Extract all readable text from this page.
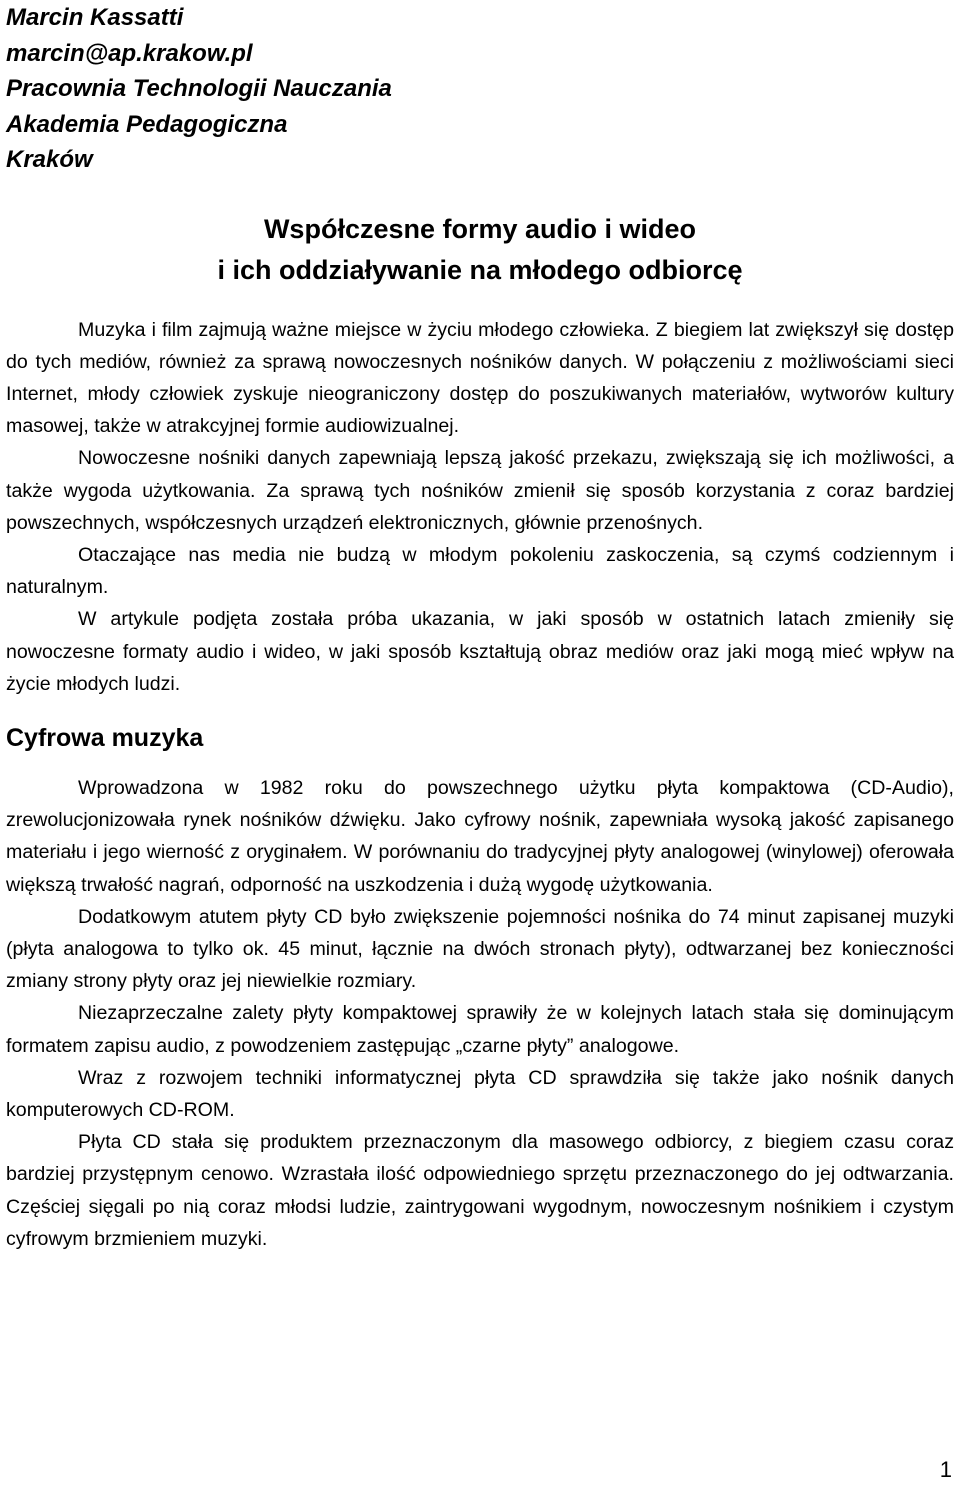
Marcin Kassatti
marcin@ap.krakow.pl
Pracownia Technologii Nauczania
Akademia Pedagogiczna
Kraków
Współczesne formy audio i wideo
i ich oddziaływanie na młodego odbiorcę

Muzyka i film zajmują ważne miejsce w życiu młodego człowieka. Z biegiem lat zwiększył się dostęp do tych mediów, również za sprawą nowoczesnych nośników danych. W połączeniu z możliwościami sieci Internet, młody człowiek zyskuje nieograniczony dostęp do poszukiwanych materiałów, wytworów kultury masowej, także w atrakcyjnej formie audiowizualnej.

Nowoczesne nośniki danych zapewniają lepszą jakość przekazu, zwiększają się ich możliwości, a także wygoda użytkowania. Za sprawą tych nośników zmienił się sposób korzystania z coraz bardziej powszechnych, współczesnych urządzeń elektronicznych, głównie przenośnych.

Otaczające nas media nie budzą w młodym pokoleniu zaskoczenia, są czymś codziennym i naturalnym.

W artykule podjęta została próba ukazania, w jaki sposób w ostatnich latach zmieniły się nowoczesne formaty audio i wideo, w jaki sposób kształtują obraz mediów oraz jaki mogą mieć wpływ na życie młodych ludzi.

Cyfrowa muzyka

Wprowadzona w 1982 roku do powszechnego użytku płyta kompaktowa (CD-Audio), zrewolucjonizowała rynek nośników dźwięku. Jako cyfrowy nośnik, zapewniała wysoką jakość zapisanego materiału i jego wierność z oryginałem. W porównaniu do tradycyjnej płyty analogowej (winylowej) oferowała większą trwałość nagrań, odporność na uszkodzenia i dużą wygodę użytkowania.

Dodatkowym atutem płyty CD było zwiększenie pojemności nośnika do 74 minut zapisanej muzyki (płyta analogowa to tylko ok. 45 minut, łącznie na dwóch stronach płyty), odtwarzanej bez konieczności zmiany strony płyty oraz jej niewielkie rozmiary.

Niezaprzeczalne zalety płyty kompaktowej sprawiły że w kolejnych latach stała się dominującym formatem zapisu audio, z powodzeniem zastępując „czarne płyty” analogowe.

Wraz z rozwojem techniki informatycznej płyta CD sprawdziła się także jako nośnik danych komputerowych CD-ROM.

Płyta CD stała się produktem przeznaczonym dla masowego odbiorcy, z biegiem czasu coraz bardziej przystępnym cenowo. Wzrastała ilość odpowiedniego sprzętu przeznaczonego do jej odtwarzania. Częściej sięgali po nią coraz młodsi ludzie, zaintrygowani wygodnym, nowoczesnym nośnikiem i czystym cyfrowym brzmieniem muzyki.

1
